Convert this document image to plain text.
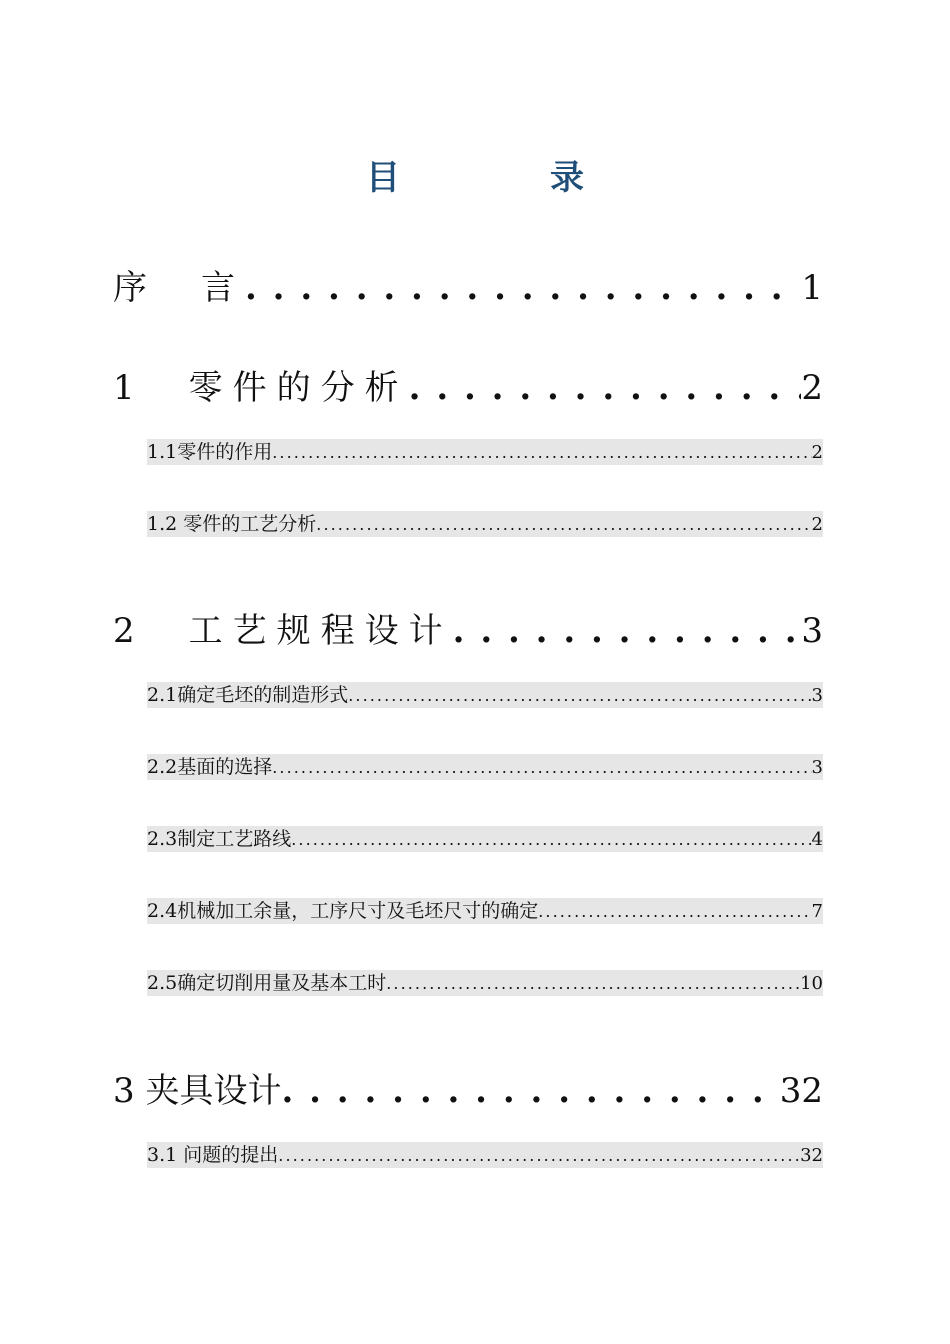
目　录
序　言 . . .	1
1　零件的分析 . . .	2
1.1零件的作用 . . .	2
1.2 零件的工艺分析 . . .	2
2　工艺规程设计 . . .	3
2.1确定毛坯的制造形式 . . .	3
2.2基面的选择 . . .	3
2.3制定工艺路线 . . .	4
2.4机械加工余量，工序尺寸及毛坯尺寸的确定 . . .	7
2.5确定切削用量及基本工时 . . .	10
3 夹具设计 . . .	32
3.1 问题的提出 . . .	32
